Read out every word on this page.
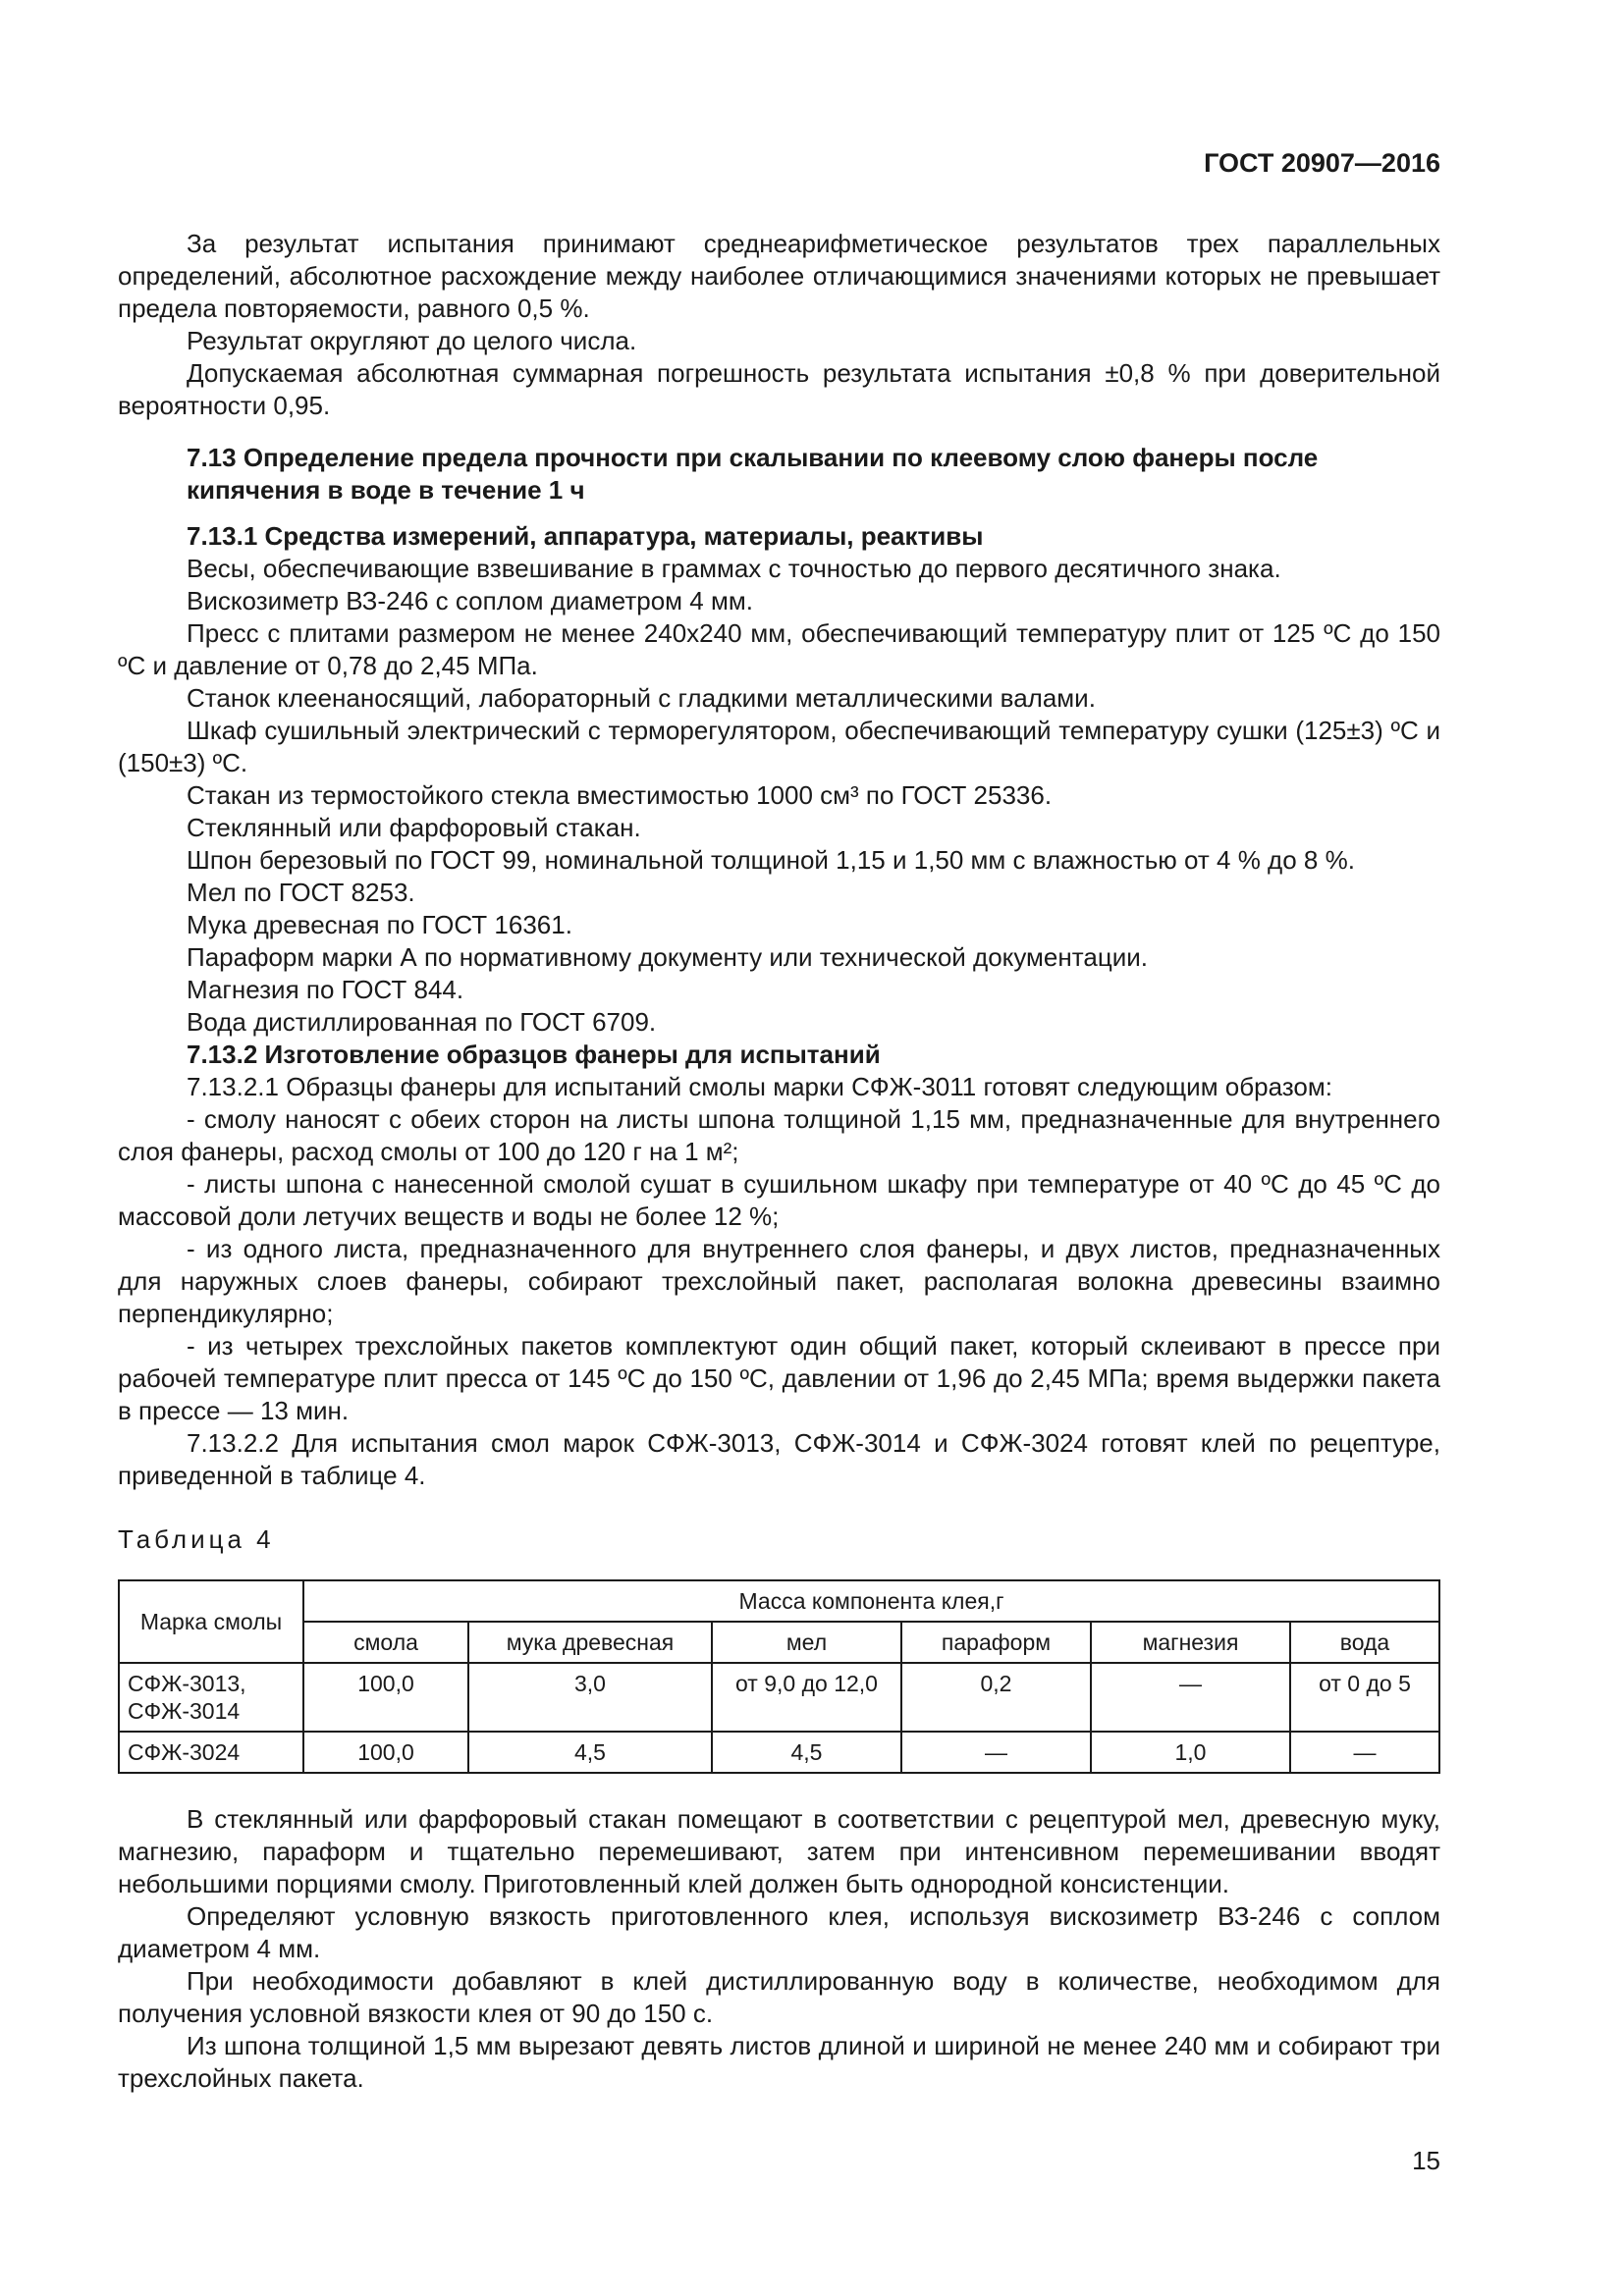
ГОСТ 20907—2016

За результат испытания принимают среднеарифметическое результатов трех параллельных определений, абсолютное расхождение между наиболее отличающимися значениями которых не превышает предела повторяемости, равного 0,5 %.

Результат округляют до целого числа.

Допускаемая абсолютная суммарная погрешность результата испытания ±0,8 % при доверительной вероятности 0,95.

7.13 Определение предела прочности при скалывании по клеевому слою фанеры после кипячения в воде в течение 1 ч

7.13.1 Средства измерений, аппаратура, материалы, реактивы

Весы, обеспечивающие взвешивание в граммах с точностью до первого десятичного знака.

Вискозиметр ВЗ-246 с соплом диаметром 4 мм.

Пресс с плитами размером не менее 240x240 мм, обеспечивающий температуру плит от 125 ºС до 150 ºС и давление от 0,78 до 2,45 МПа.

Станок клеенаносящий, лабораторный с гладкими металлическими валами.

Шкаф сушильный электрический с терморегулятором, обеспечивающий температуру сушки (125±3) ºС и (150±3) ºС.

Стакан из термостойкого стекла вместимостью 1000 см³ по ГОСТ 25336.

Стеклянный или фарфоровый стакан.

Шпон березовый по ГОСТ 99, номинальной толщиной 1,15 и 1,50 мм с влажностью от 4 % до 8 %.

Мел по ГОСТ 8253.

Мука древесная по ГОСТ 16361.

Параформ марки А по нормативному документу или технической документации.

Магнезия по ГОСТ 844.

Вода дистиллированная по ГОСТ 6709.

7.13.2 Изготовление образцов фанеры для испытаний

7.13.2.1 Образцы фанеры для испытаний смолы марки СФЖ-3011 готовят следующим образом:

- смолу наносят с обеих сторон на листы шпона толщиной 1,15 мм, предназначенные для внутреннего слоя фанеры, расход смолы от 100 до 120 г на 1 м²;

- листы шпона с нанесенной смолой сушат в сушильном шкафу при температуре от 40 ºС до 45 ºС до массовой доли летучих веществ и воды не более 12 %;

- из одного листа, предназначенного для внутреннего слоя фанеры, и двух листов, предназначенных для наружных слоев фанеры, собирают трехслойный пакет, располагая волокна древесины взаимно перпендикулярно;

- из четырех трехслойных пакетов комплектуют один общий пакет, который склеивают в прессе при рабочей температуре плит пресса от 145 ºС до 150 ºС, давлении от 1,96 до 2,45 МПа; время выдержки пакета в прессе — 13 мин.

7.13.2.2 Для испытания смол марок СФЖ-3013, СФЖ-3014 и СФЖ-3024 готовят клей по рецептуре, приведенной в таблице 4.

Таблица 4

Марка смолы	Масса компонента клея,г					
	смола	мука древесная	мел	параформ	магнезия	вода
СФЖ-3013, СФЖ-3014	100,0	3,0	от 9,0 до 12,0	0,2	—	от 0 до 5
СФЖ-3024	100,0	4,5	4,5	—	1,0	—

В стеклянный или фарфоровый стакан помещают в соответствии с рецептурой мел, древесную муку, магнезию, параформ и тщательно перемешивают, затем при интенсивном перемешивании вводят небольшими порциями смолу. Приготовленный клей должен быть однородной консистенции.

Определяют условную вязкость приготовленного клея, используя вискозиметр ВЗ-246 с соплом диаметром 4 мм.

При необходимости добавляют в клей дистиллированную воду в количестве, необходимом для получения условной вязкости клея от 90 до 150 с.

Из шпона толщиной 1,5 мм вырезают девять листов длиной и шириной не менее 240 мм и собирают три трехслойных пакета.

15
